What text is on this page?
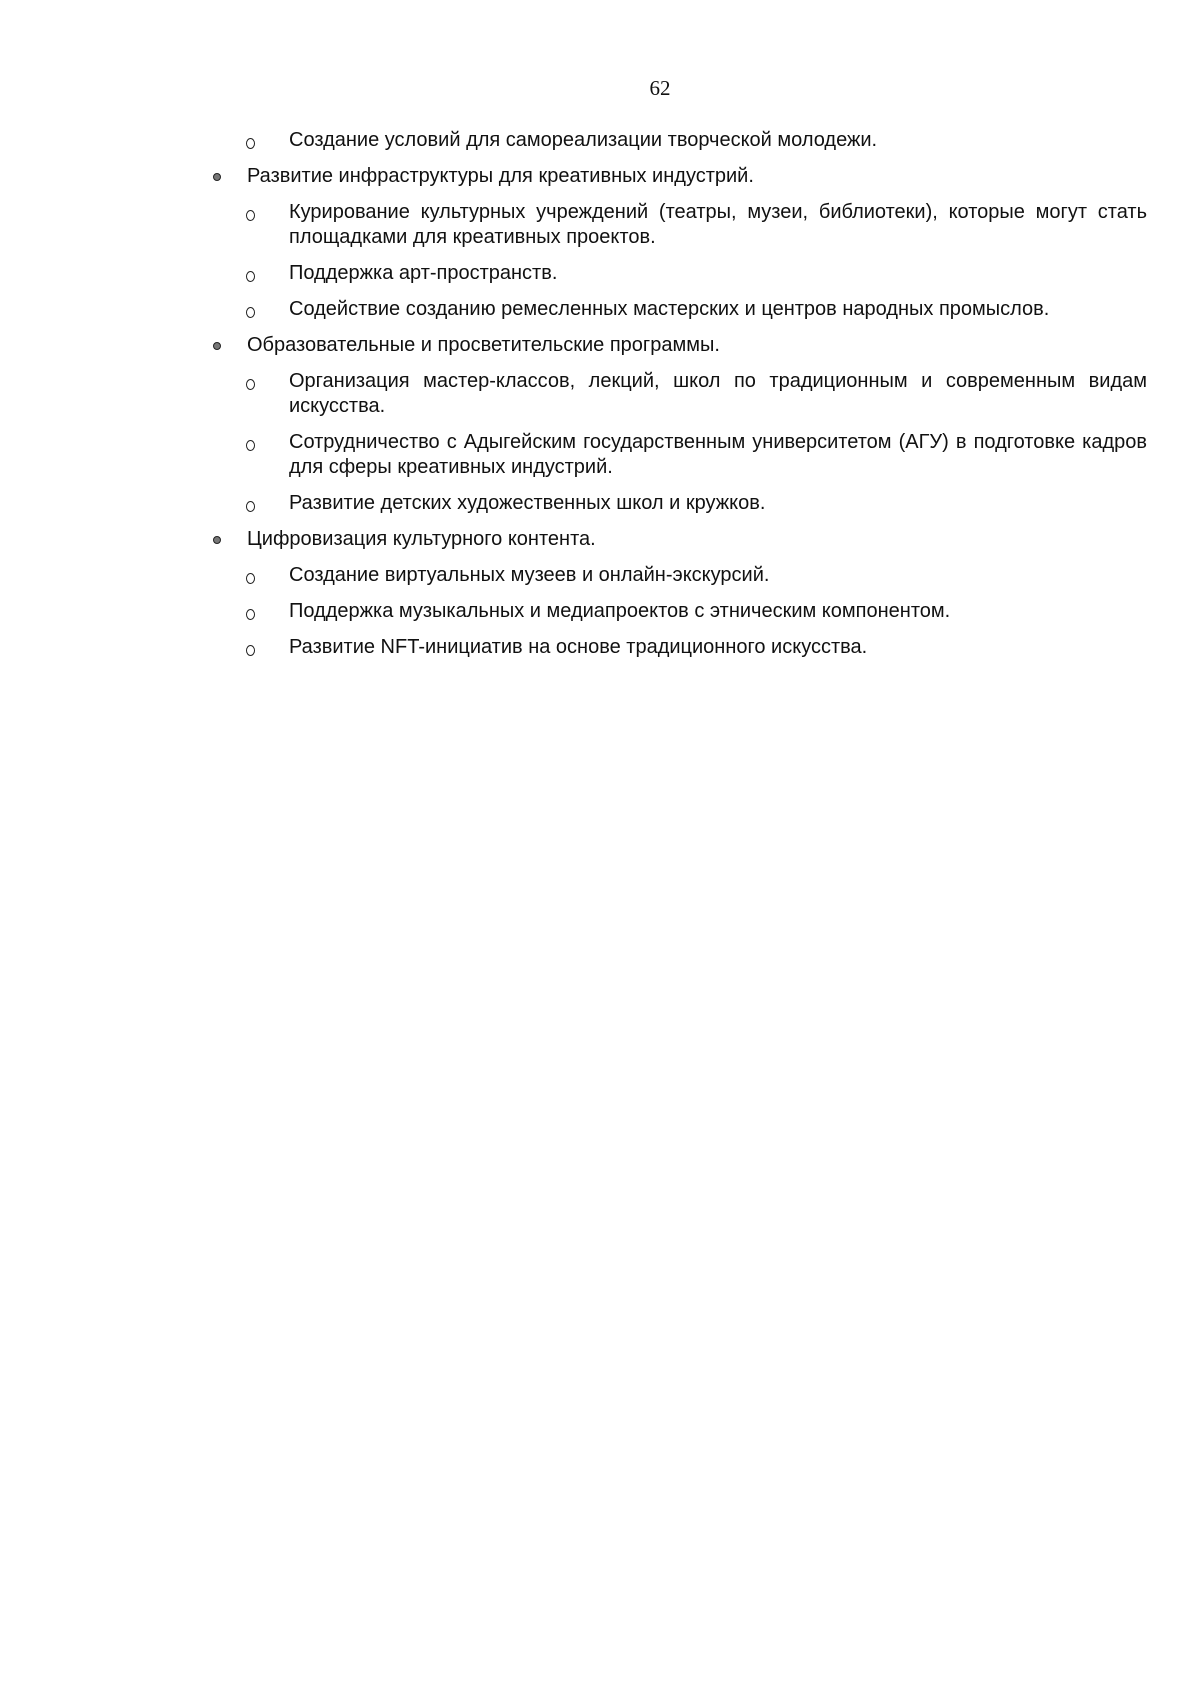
62
Создание условий для самореализации творческой молодежи.
Развитие инфраструктуры для креативных индустрий.
Курирование культурных учреждений (театры, музеи, библиотеки), которые могут стать площадками для креативных проектов.
Поддержка арт-пространств.
Содействие созданию ремесленных мастерских и центров народных промыслов.
Образовательные и просветительские программы.
Организация мастер-классов, лекций, школ по традиционным и современным видам искусства.
Сотрудничество с Адыгейским государственным университетом (АГУ) в подготовке кадров для сферы креативных индустрий.
Развитие детских художественных школ и кружков.
Цифровизация культурного контента.
Создание виртуальных музеев и онлайн-экскурсий.
Поддержка музыкальных и медиапроектов с этническим компонентом.
Развитие NFT-инициатив на основе традиционного искусства.
